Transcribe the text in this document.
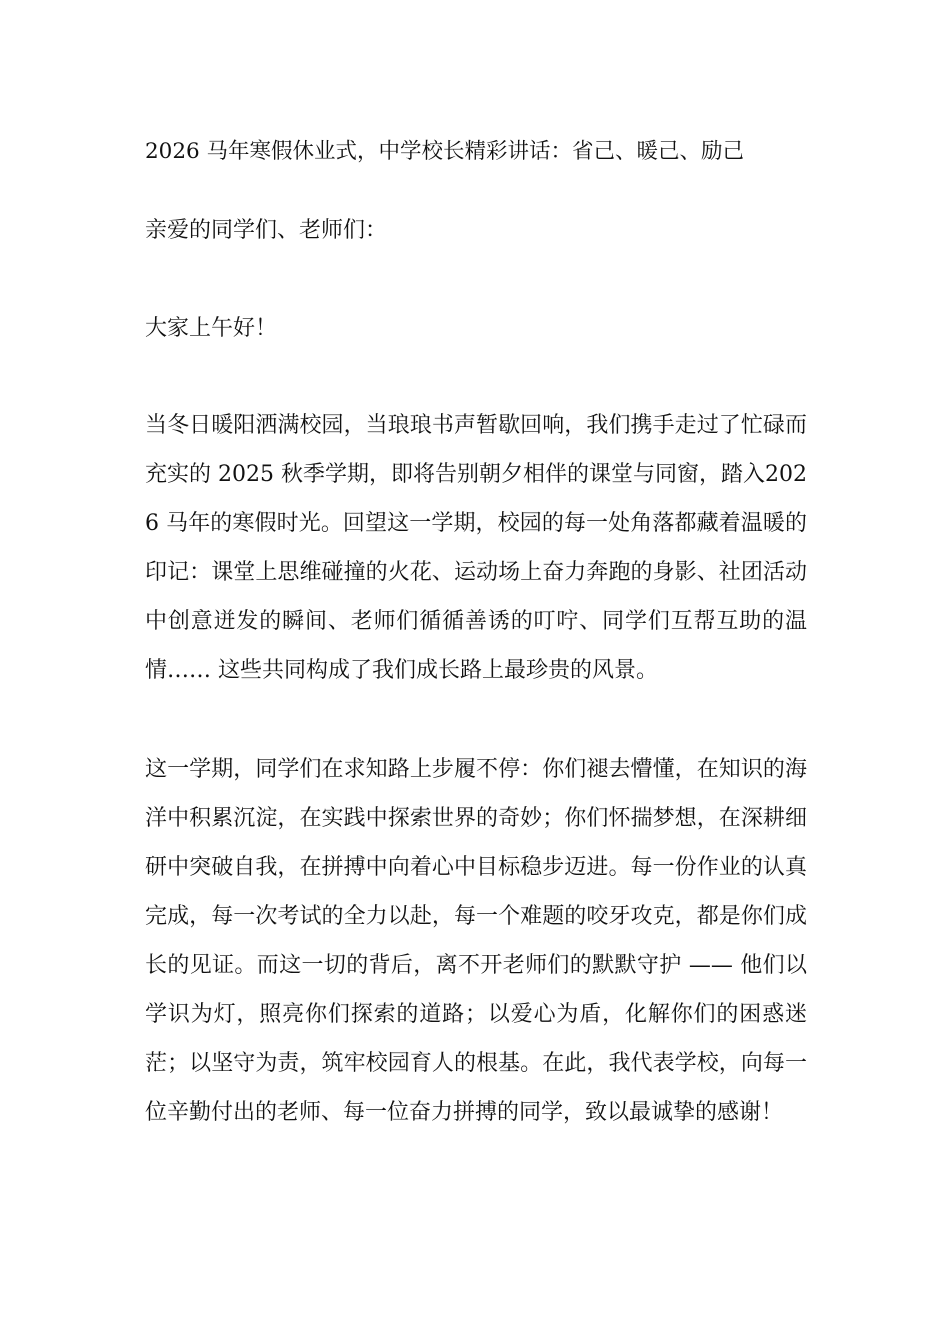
2026 马年寒假休业式，中学校长精彩讲话：省己、暖己、励己

亲爱的同学们、老师们：

大家上午好！

当冬日暖阳洒满校园，当琅琅书声暂歇回响，我们携手走过了忙碌而充实的 2025 秋季学期，即将告别朝夕相伴的课堂与同窗，踏入2026 马年的寒假时光。回望这一学期，校园的每一处角落都藏着温暖的印记：课堂上思维碰撞的火花、运动场上奋力奔跑的身影、社团活动中创意迸发的瞬间、老师们循循善诱的叮咛、同学们互帮互助的温情…… 这些共同构成了我们成长路上最珍贵的风景。

这一学期，同学们在求知路上步履不停：你们褪去懵懂，在知识的海洋中积累沉淀，在实践中探索世界的奇妙；你们怀揣梦想，在深耕细研中突破自我，在拼搏中向着心中目标稳步迈进。每一份作业的认真完成，每一次考试的全力以赴，每一个难题的咬牙攻克，都是你们成长的见证。而这一切的背后，离不开老师们的默默守护 —— 他们以学识为灯，照亮你们探索的道路；以爱心为盾，化解你们的困惑迷茫；以坚守为责，筑牢校园育人的根基。在此，我代表学校，向每一位辛勤付出的老师、每一位奋力拼搏的同学，致以最诚挚的感谢！
